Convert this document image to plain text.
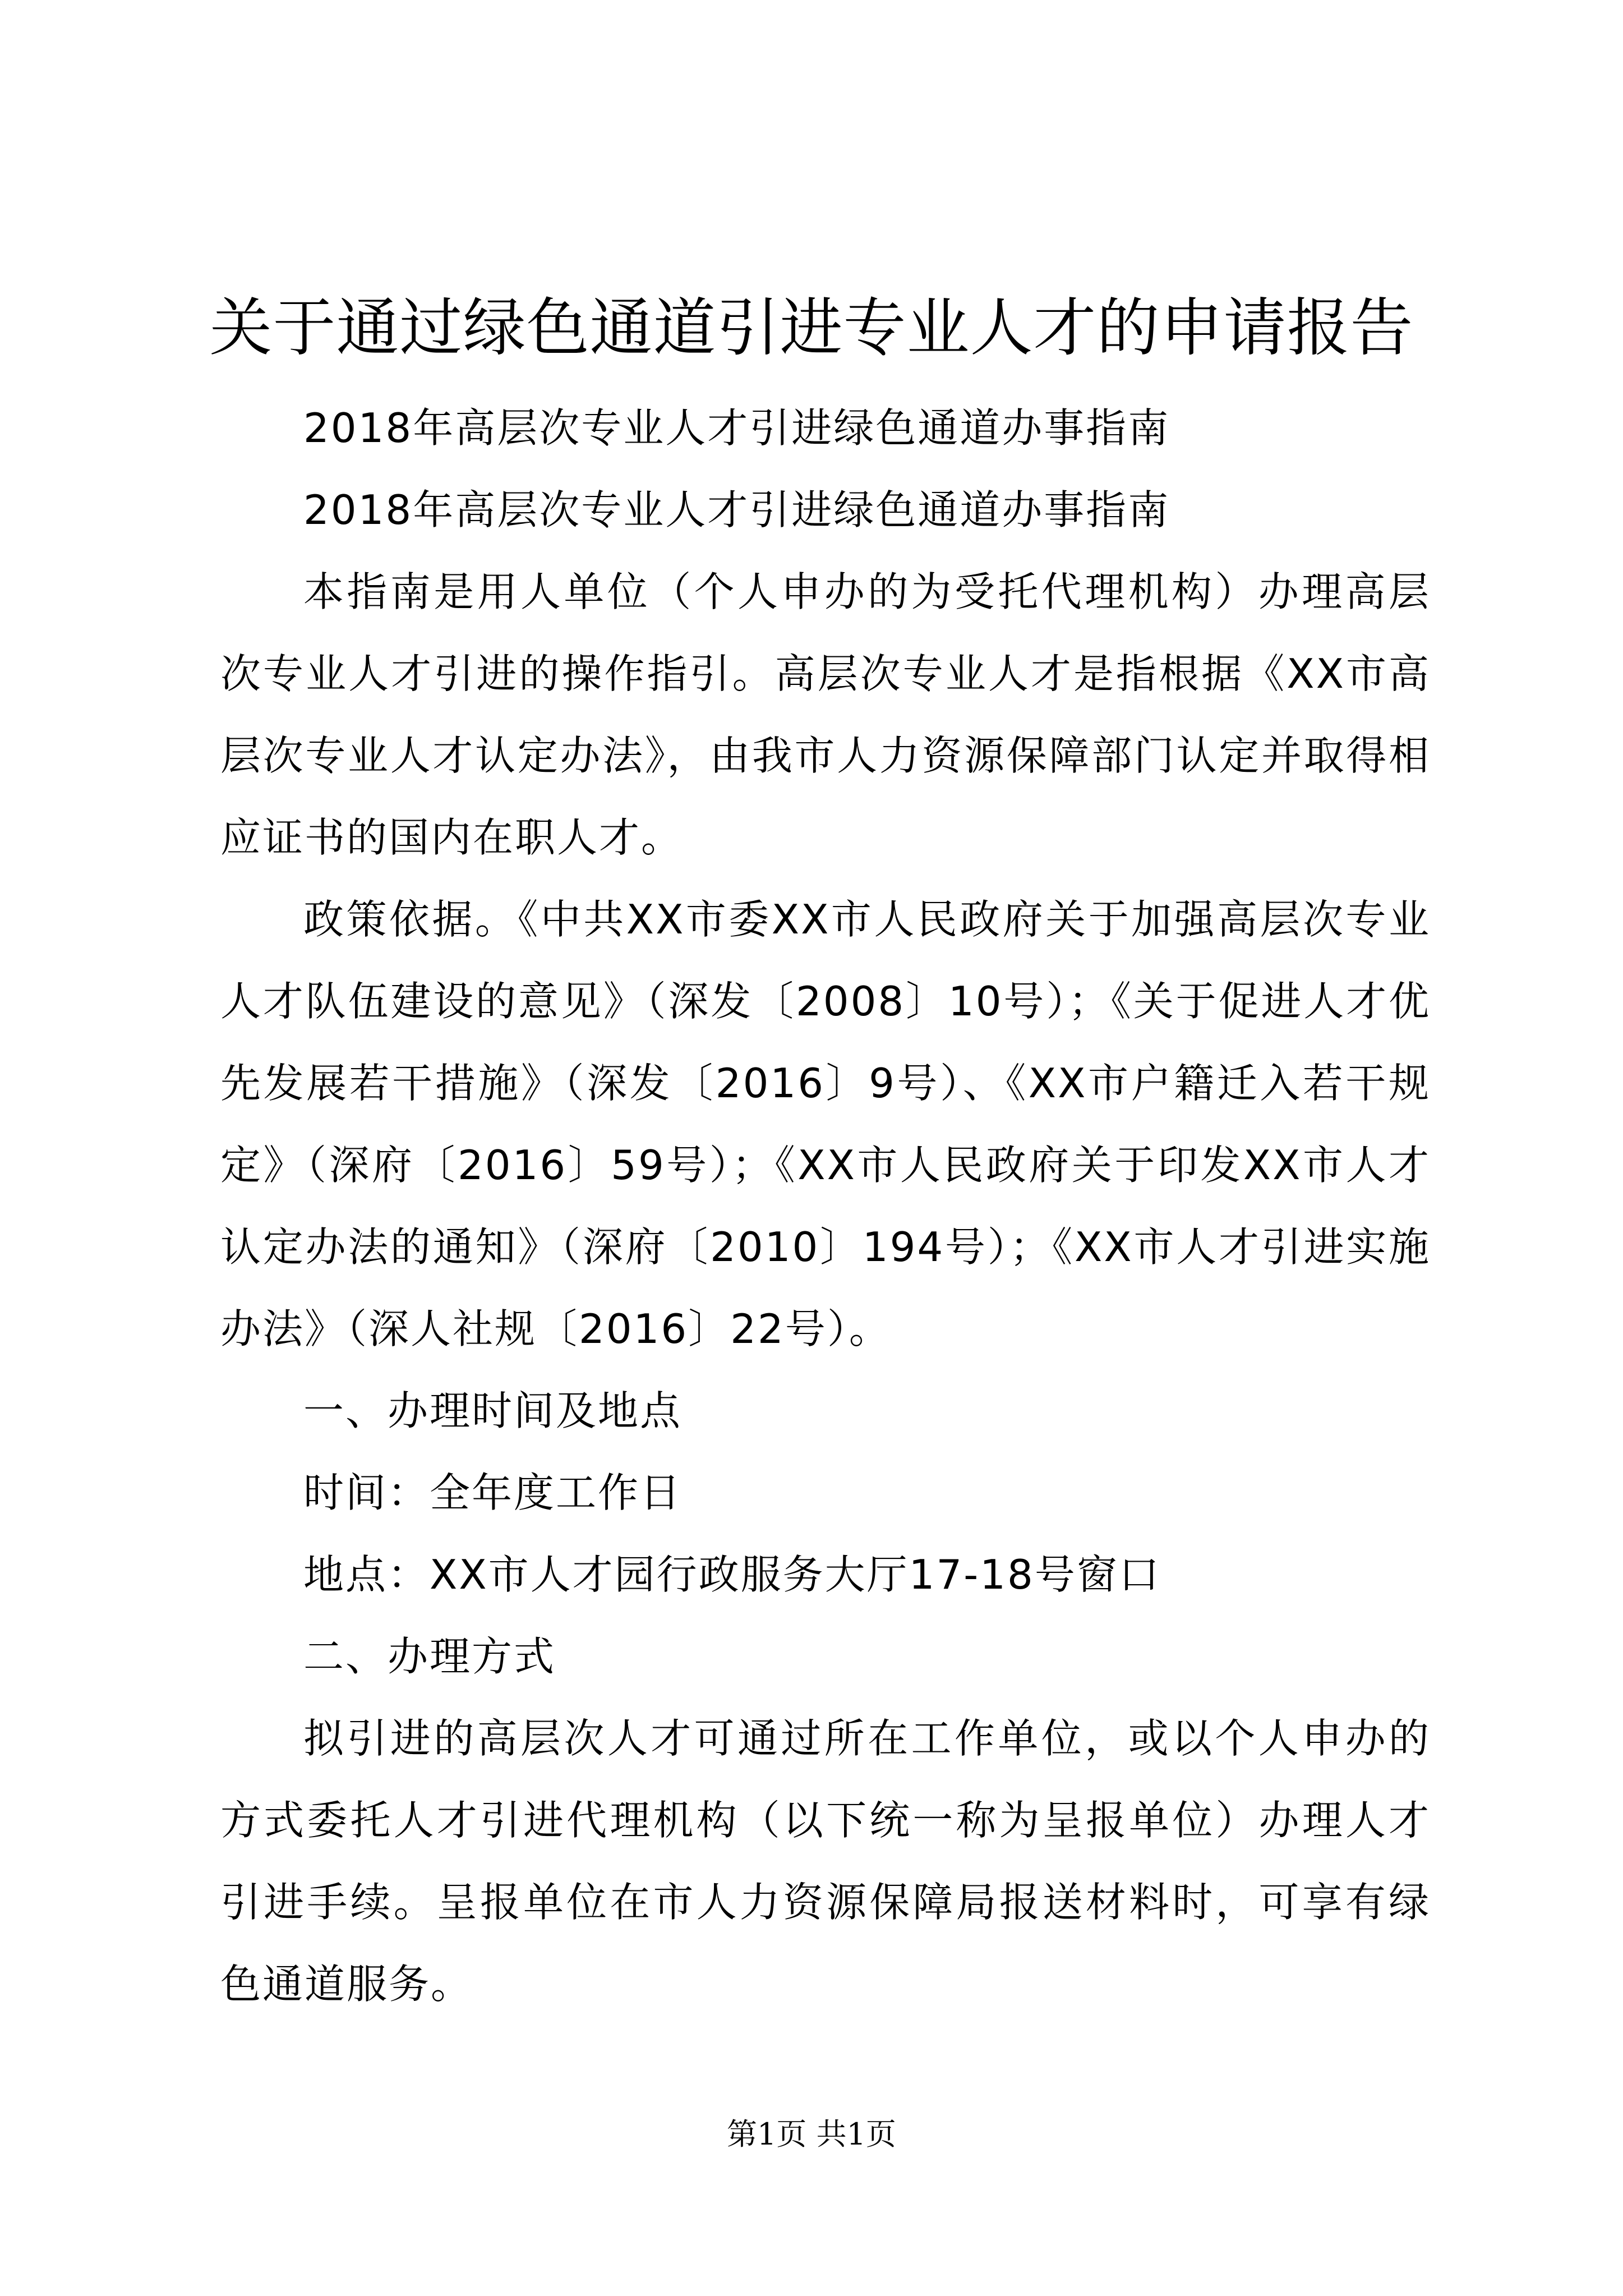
关于通过绿色通道引进专业人才的申请报告

2018年高层次专业人才引进绿色通道办事指南

2018年高层次专业人才引进绿色通道办事指南

本指南是用人单位（个人申办的为受托代理机构）办理高层次专业人才引进的操作指引。高层次专业人才是指根据《XX市高层次专业人才认定办法》，由我市人力资源保障部门认定并取得相应证书的国内在职人才。

政策依据。《中共XX市委XX市人民政府关于加强高层次专业人才队伍建设的意见》（深发〔2008〕10号）；《关于促进人才优先发展若干措施》（深发〔2016〕9号）、《XX市户籍迁入若干规定》（深府〔2016〕59号）；《XX市人民政府关于印发XX市人才认定办法的通知》（深府〔2010〕194号）；《XX市人才引进实施办法》（深人社规〔2016〕22号）。

一、办理时间及地点

时间：全年度工作日

地点：XX市人才园行政服务大厅17-18号窗口

二、办理方式

拟引进的高层次人才可通过所在工作单位，或以个人申办的方式委托人才引进代理机构（以下统一称为呈报单位）办理人才引进手续。呈报单位在市人力资源保障局报送材料时，可享有绿色通道服务。

第1页 共1页
